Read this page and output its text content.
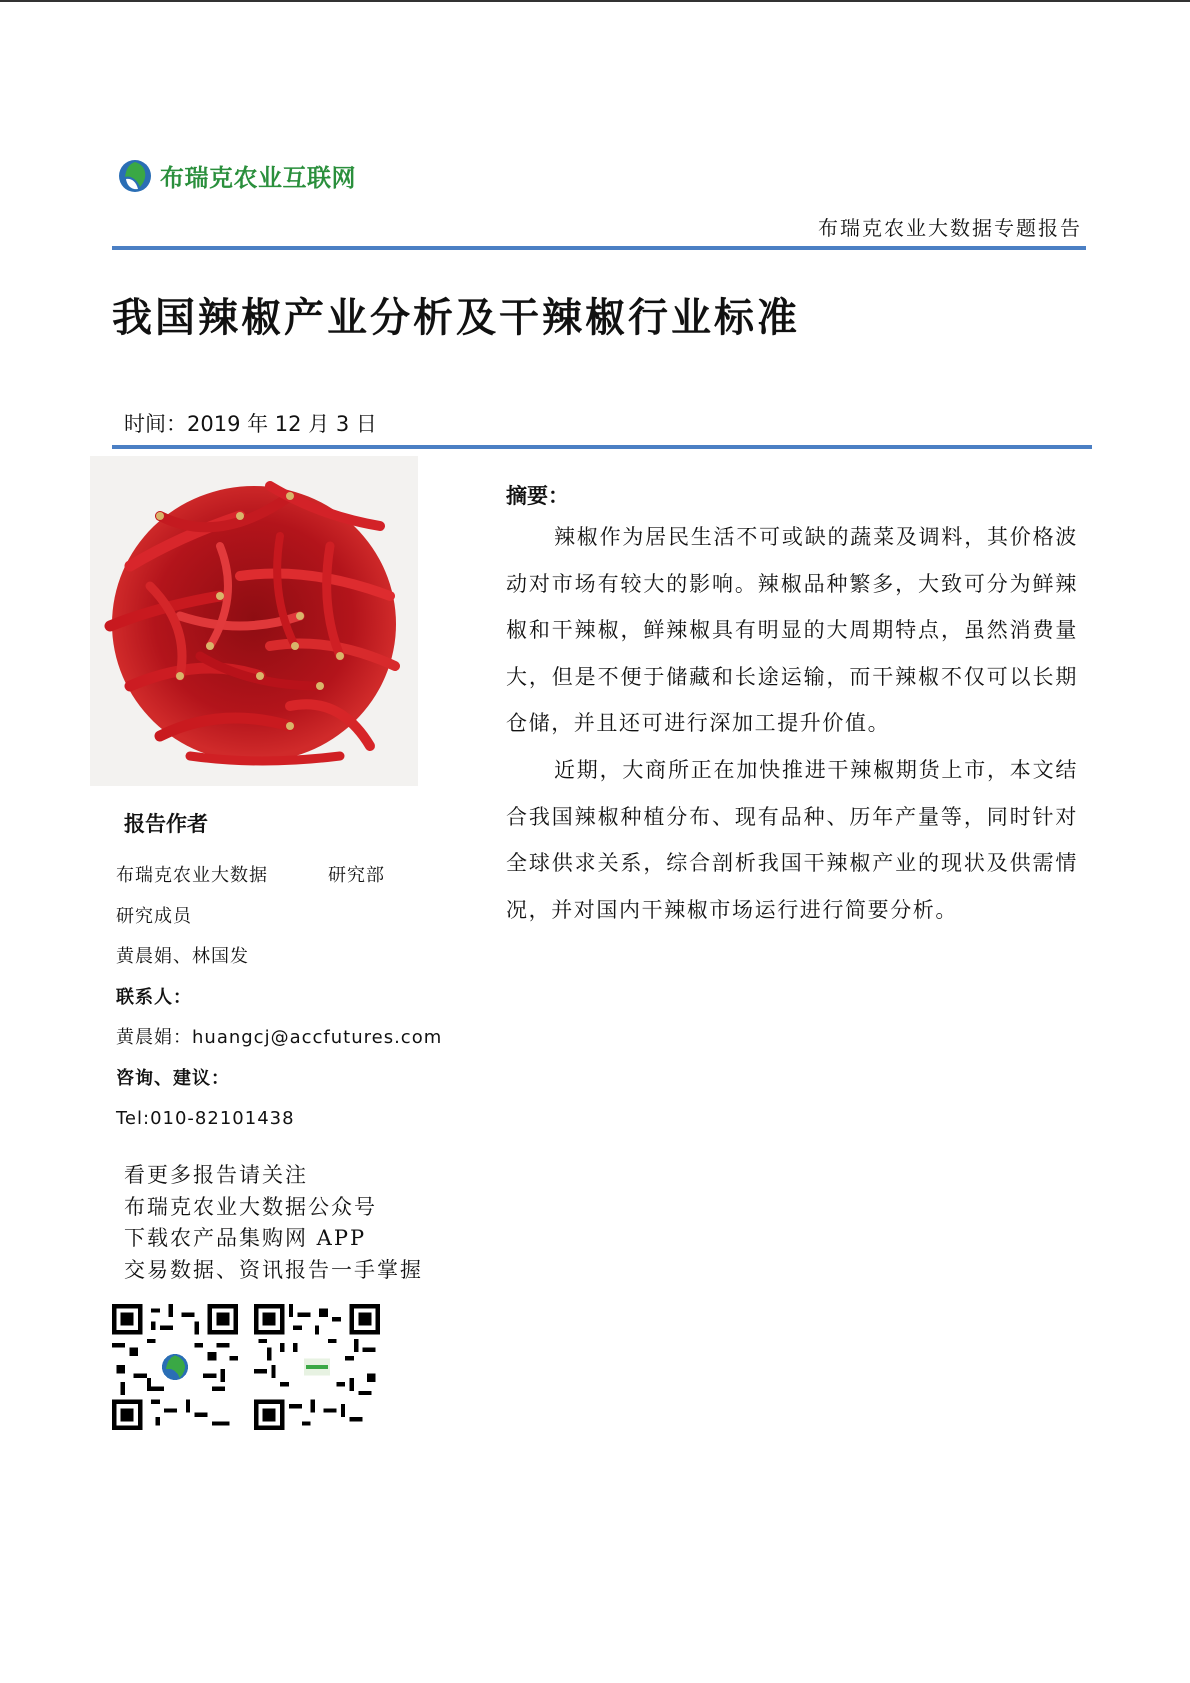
布瑞克农业互联网
布瑞克农业大数据专题报告
我国辣椒产业分析及干辣椒行业标准
时间：2019 年 12 月 3 日
摘要：

辣椒作为居民生活不可或缺的蔬菜及调料，其价格波动对市场有较大的影响。辣椒品种繁多，大致可分为鲜辣椒和干辣椒，鲜辣椒具有明显的大周期特点，虽然消费量大，但是不便于储藏和长途运输，而干辣椒不仅可以长期仓储，并且还可进行深加工提升价值。

近期，大商所正在加快推进干辣椒期货上市，本文结合我国辣椒种植分布、现有品种、历年产量等，同时针对全球供求关系，综合剖析我国干辣椒产业的现状及供需情况，并对国内干辣椒市场运行进行简要分析。

报告作者
布瑞克农业大数据	研究部
研究成员
黄晨娟、林国发
联系人：
黄晨娟：huangcj@accfutures.com
咨询、建议：
Tel:010-82101438
看更多报告请关注
布瑞克农业大数据公众号
下载农产品集购网 APP
交易数据、资讯报告一手掌握
